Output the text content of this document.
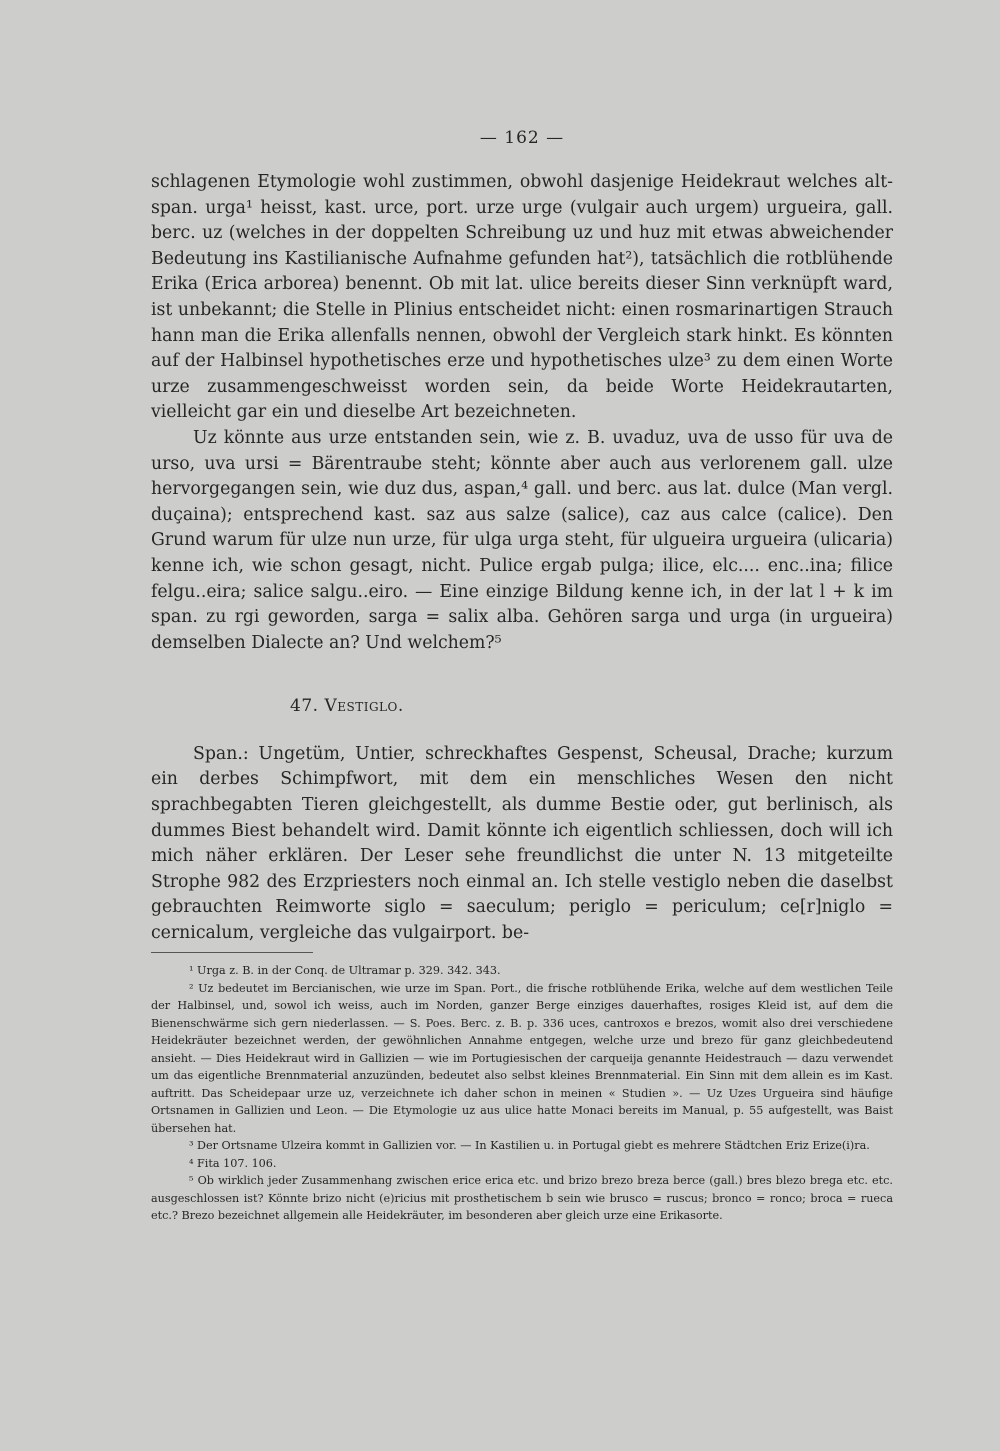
— 162 —

schlagenen Etymologie wohl zustimmen, obwohl dasjenige Heidekraut welches altspan. urga¹ heisst, kast. urce, port. urze urge (vulgair auch urgem) urgueira, gall. berc. uz (welches in der doppelten Schreibung uz und huz mit etwas abweichender Bedeutung ins Kastilianische Aufnahme gefunden hat²), tatsächlich die rotblühende Erika (Erica arborea) benennt. Ob mit lat. ulice bereits dieser Sinn verknüpft ward, ist unbekannt; die Stelle in Plinius entscheidet nicht: einen rosmarinartigen Strauch hann man die Erika allenfalls nennen, obwohl der Vergleich stark hinkt. Es könnten auf der Halbinsel hypothetisches erze und hypothetisches ulze³ zu dem einen Worte urze zusammengeschweisst worden sein, da beide Worte Heidekrautarten, vielleicht gar ein und dieselbe Art bezeichneten.

Uz könnte aus urze entstanden sein, wie z. B. uvaduz, uva de usso für uva de urso, uva ursi = Bärentraube steht; könnte aber auch aus verlorenem gall. ulze hervorgegangen sein, wie duz dus, aspan,⁴ gall. und berc. aus lat. dulce (Man vergl. duçaina); entsprechend kast. saz aus salze (salice), caz aus calce (calice). Den Grund warum für ulze nun urze, für ulga urga steht, für ulgueira urgueira (ulicaria) kenne ich, wie schon gesagt, nicht. Pulice ergab pulga; ilice, elc.... enc..ina; filice felgu..eira; salice salgu..eiro. — Eine einzige Bildung kenne ich, in der lat l + k im span. zu rgi geworden, sarga = salix alba. Gehören sarga und urga (in urgueira) demselben Dialecte an? Und welchem?⁵

47. Vestiglo.

Span.: Ungetüm, Untier, schreckhaftes Gespenst, Scheusal, Drache; kurzum ein derbes Schimpfwort, mit dem ein menschliches Wesen den nicht sprachbegabten Tieren gleichgestellt, als dumme Bestie oder, gut berlinisch, als dummes Biest behandelt wird. Damit könnte ich eigentlich schliessen, doch will ich mich näher erklären. Der Leser sehe freundlichst die unter N. 13 mitgeteilte Strophe 982 des Erzpriesters noch einmal an. Ich stelle vestiglo neben die daselbst gebrauchten Reimworte siglo = saeculum; periglo = periculum; ce[r]niglo = cernicalum, vergleiche das vulgairport. be-

¹ Urga z. B. in der Conq. de Ultramar p. 329. 342. 343.

² Uz bedeutet im Bercianischen, wie urze im Span. Port., die frische rotblühende Erika, welche auf dem westlichen Teile der Halbinsel, und, sowol ich weiss, auch im Norden, ganzer Berge einziges dauerhaftes, rosiges Kleid ist, auf dem die Bienenschwärme sich gern niederlassen. — S. Poes. Berc. z. B. p. 336 uces, cantroxos e brezos, womit also drei verschiedene Heidekräuter bezeichnet werden, der gewöhnlichen Annahme entgegen, welche urze und brezo für ganz gleichbedeutend ansieht. — Dies Heidekraut wird in Gallizien — wie im Portugiesischen der carqueija genannte Heidestrauch — dazu verwendet um das eigentliche Brennmaterial anzuzünden, bedeutet also selbst kleines Brennmaterial. Ein Sinn mit dem allein es im Kast. auftritt. Das Scheidepaar urze uz, verzeichnete ich daher schon in meinen « Studien ». — Uz Uzes Urgueira sind häufige Ortsnamen in Gallizien und Leon. — Die Etymologie uz aus ulice hatte Monaci bereits im Manual, p. 55 aufgestellt, was Baist übersehen hat.

³ Der Ortsname Ulzeira kommt in Gallizien vor. — In Kastilien u. in Portugal giebt es mehrere Städtchen Eriz Erize(i)ra.

⁴ Fita 107. 106.

⁵ Ob wirklich jeder Zusammenhang zwischen erice erica etc. und brizo brezo breza berce (gall.) bres blezo brega etc. etc. ausgeschlossen ist? Könnte brizo nicht (e)ricius mit prosthetischem b sein wie brusco = ruscus; bronco = ronco; broca = rueca etc.? Brezo bezeichnet allgemein alle Heidekräuter, im besonderen aber gleich urze eine Erikasorte.
